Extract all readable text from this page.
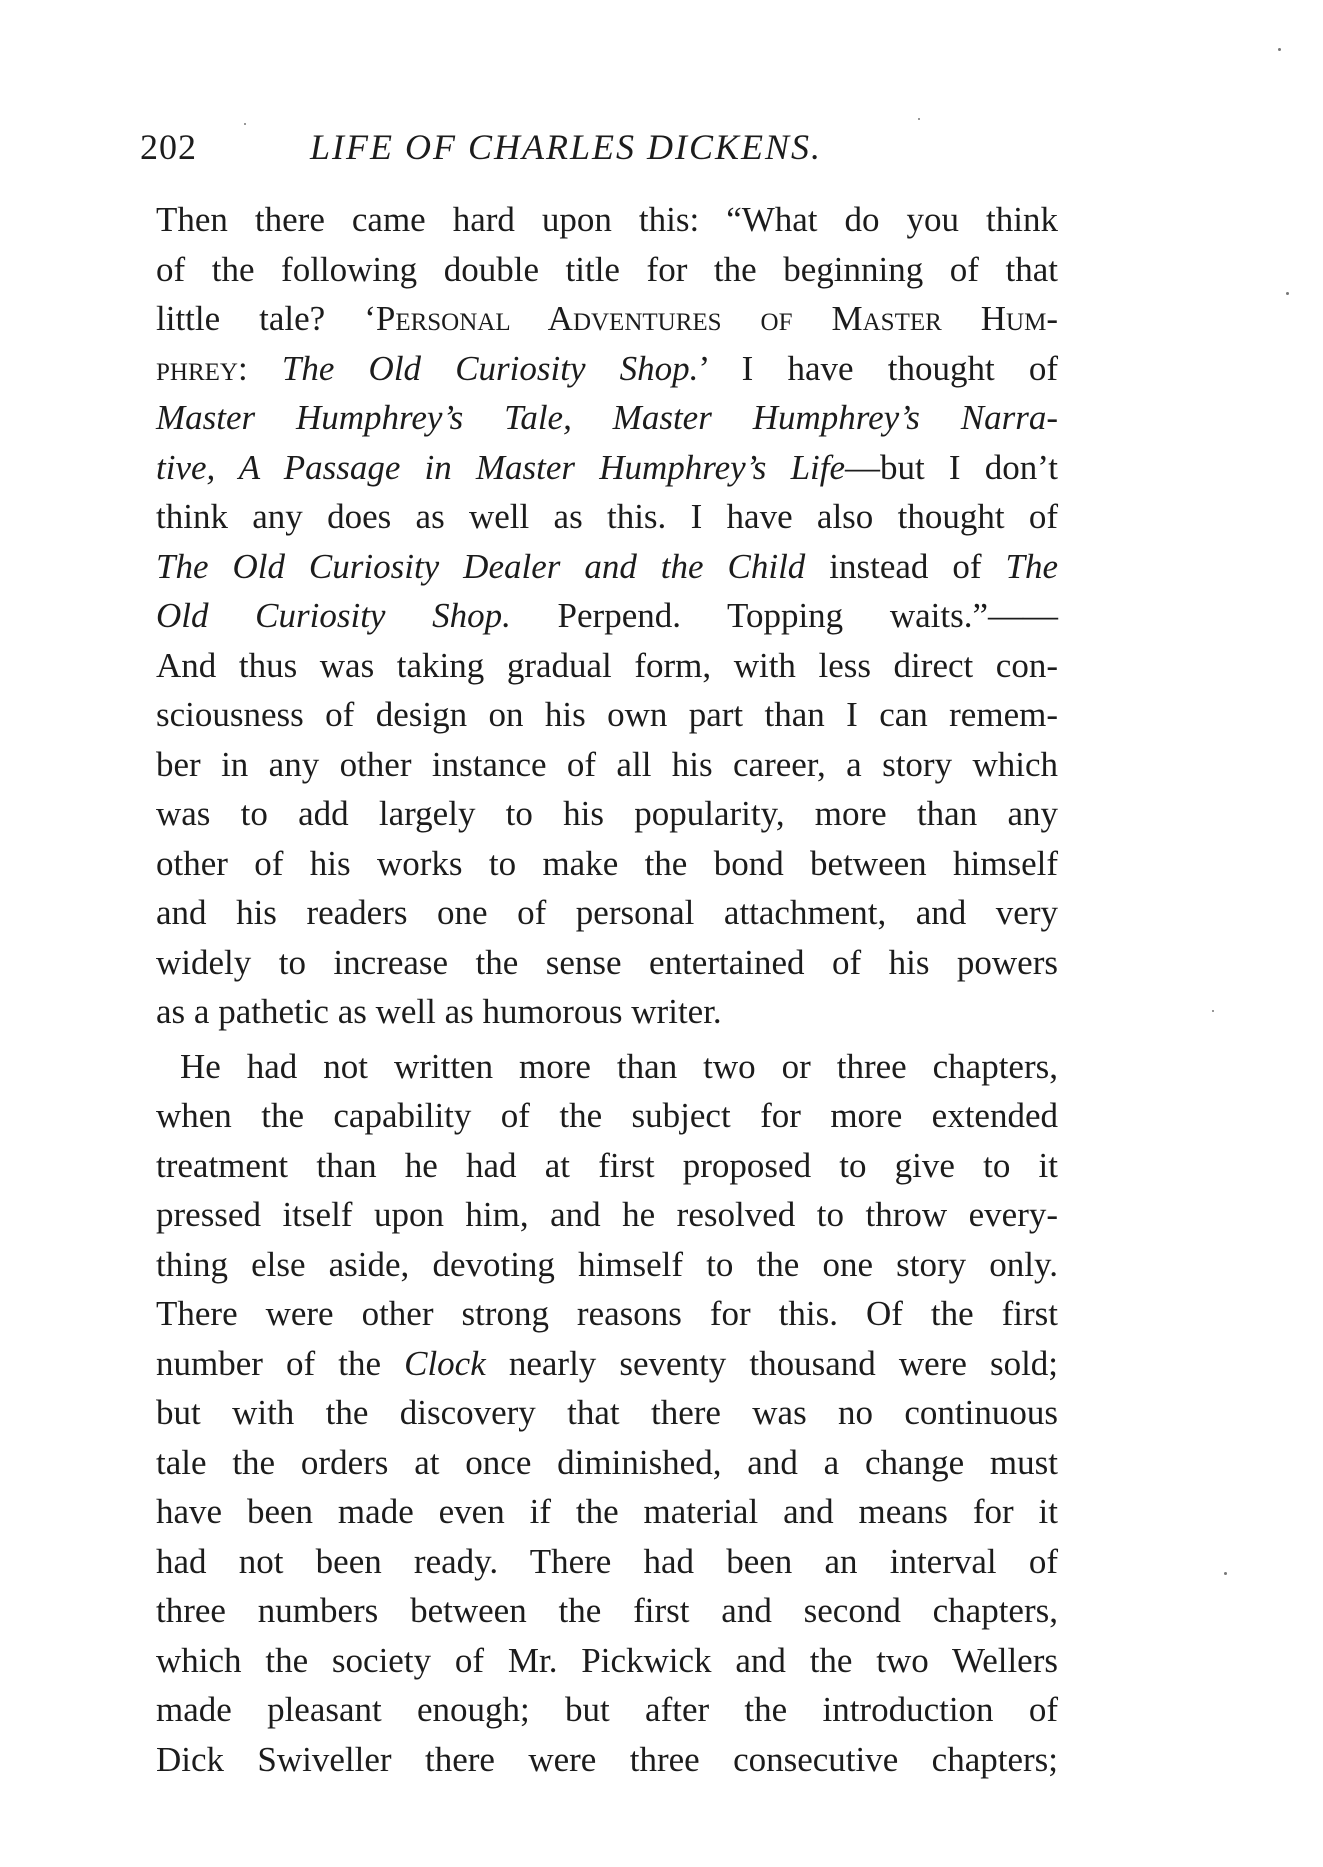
202	LIFE OF CHARLES DICKENS.
Then there came hard upon this: “What do you think
of the following double title for the beginning of that
little tale? ‘Personal Adventures of Master Hum-
phrey: The Old Curiosity Shop.’ I have thought of
Master Humphrey’s Tale, Master Humphrey’s Narra-
tive, A Passage in Master Humphrey’s Life—but I don’t
think any does as well as this. I have also thought of
The Old Curiosity Dealer and the Child instead of The
Old Curiosity Shop. Perpend. Topping waits.”——
And thus was taking gradual form, with less direct con-
sciousness of design on his own part than I can remem-
ber in any other instance of all his career, a story which
was to add largely to his popularity, more than any
other of his works to make the bond between himself
and his readers one of personal attachment, and very
widely to increase the sense entertained of his powers
as a pathetic as well as humorous writer.
He had not written more than two or three chapters,
when the capability of the subject for more extended
treatment than he had at first proposed to give to it
pressed itself upon him, and he resolved to throw every-
thing else aside, devoting himself to the one story only.
There were other strong reasons for this. Of the first
number of the Clock nearly seventy thousand were sold;
but with the discovery that there was no continuous
tale the orders at once diminished, and a change must
have been made even if the material and means for it
had not been ready. There had been an interval of
three numbers between the first and second chapters,
which the society of Mr. Pickwick and the two Wellers
made pleasant enough; but after the introduction of
Dick Swiveller there were three consecutive chapters;
